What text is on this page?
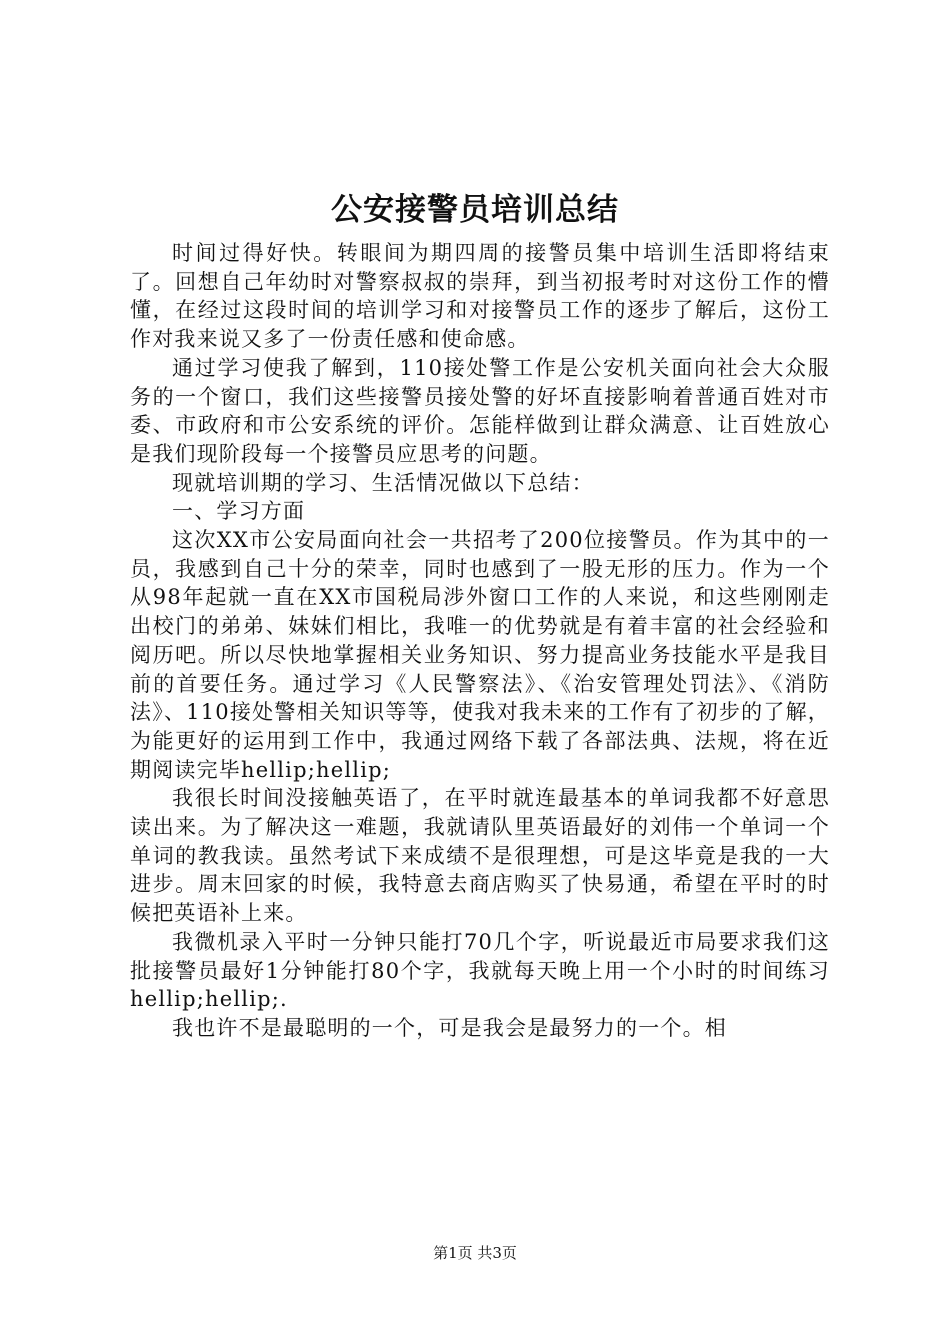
公安接警员培训总结

时间过得好快。转眼间为期四周的接警员集中培训生活即将结束了。回想自己年幼时对警察叔叔的崇拜，到当初报考时对这份工作的懵懂，在经过这段时间的培训学习和对接警员工作的逐步了解后，这份工作对我来说又多了一份责任感和使命感。

通过学习使我了解到，110接处警工作是公安机关面向社会大众服务的一个窗口，我们这些接警员接处警的好坏直接影响着普通百姓对市委、市政府和市公安系统的评价。怎能样做到让群众满意、让百姓放心是我们现阶段每一个接警员应思考的问题。

现就培训期的学习、生活情况做以下总结：

一、学习方面

这次XX市公安局面向社会一共招考了200位接警员。作为其中的一员，我感到自己十分的荣幸，同时也感到了一股无形的压力。作为一个从98年起就一直在XX市国税局涉外窗口工作的人来说，和这些刚刚走出校门的弟弟、妹妹们相比，我唯一的优势就是有着丰富的社会经验和阅历吧。所以尽快地掌握相关业务知识、努力提高业务技能水平是我目前的首要任务。通过学习《人民警察法》、《治安管理处罚法》、《消防法》、110接处警相关知识等等，使我对我未来的工作有了初步的了解，为能更好的运用到工作中，我通过网络下载了各部法典、法规，将在近期阅读完毕hellip;hellip;

我很长时间没接触英语了，在平时就连最基本的单词我都不好意思读出来。为了解决这一难题，我就请队里英语最好的刘伟一个单词一个单词的教我读。虽然考试下来成绩不是很理想，可是这毕竟是我的一大进步。周末回家的时候，我特意去商店购买了快易通，希望在平时的时候把英语补上来。

我微机录入平时一分钟只能打70几个字，听说最近市局要求我们这批接警员最好1分钟能打80个字，我就每天晚上用一个小时的时间练习hellip;hellip;.

我也许不是最聪明的一个，可是我会是最努力的一个。相

第1页 共3页
